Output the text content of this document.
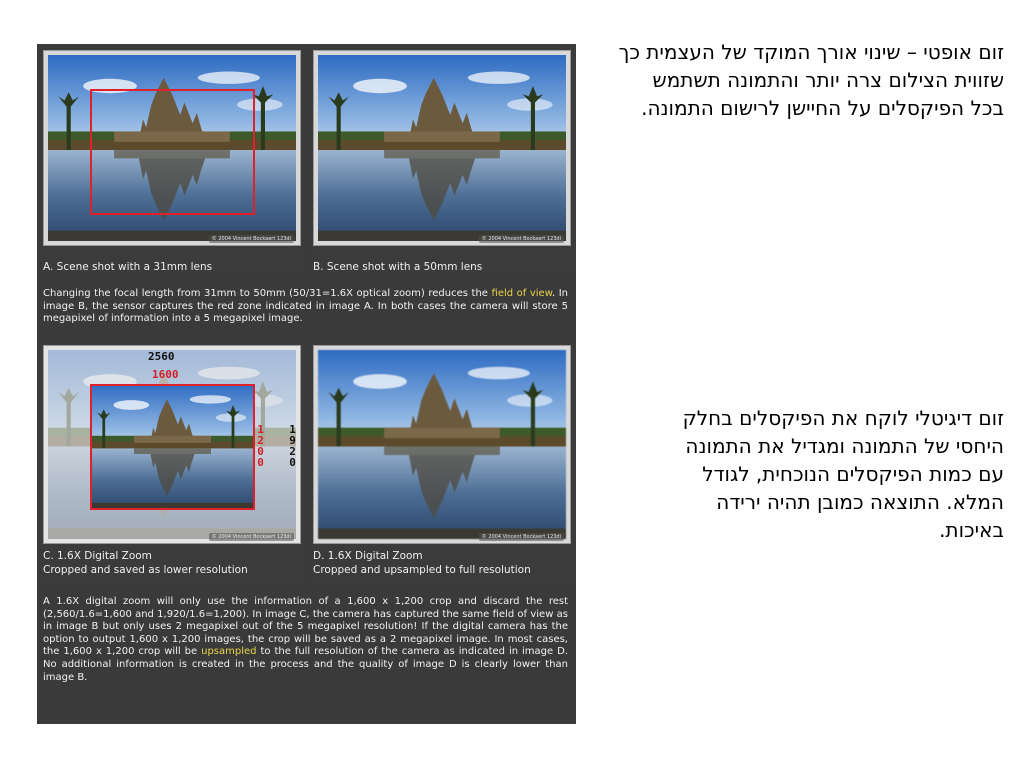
© 2004 Vincent Bockaert 123di
A. Scene shot with a 31mm lens
© 2004 Vincent Bockaert 123di
B. Scene shot with a 50mm lens
Changing the focal length from 31mm to 50mm (50/31=1.6X optical zoom) reduces the field of view. In image B, the sensor captures the red zone indicated in image A. In both cases the camera will store 5 megapixel of information into a 5 megapixel image.
2560
1600
1
2
0
0
1
9
2
0
© 2004 Vincent Bockaert 123di
C. 1.6X Digital Zoom
Cropped and saved as lower resolution
© 2004 Vincent Bockaert 123di
D. 1.6X Digital Zoom
Cropped and upsampled to full resolution
A 1.6X digital zoom will only use the information of a 1,600 x 1,200 crop and discard the rest (2,560/1.6=1,600 and 1,920/1.6=1,200). In image C, the camera has captured the same field of view as in image B but only uses 2 megapixel out of the 5 megapixel resolution! If the digital camera has the option to output 1,600 x 1,200 images, the crop will be saved as a 2 megapixel image. In most cases, the 1,600 x 1,200 crop will be upsampled to the full resolution of the camera as indicated in image D. No additional information is created in the process and the quality of image D is clearly lower than image B.
זום אופטי – שינוי אורך המוקד של העצמית כך שזווית הצילום צרה יותר והתמונה תשתמש בכל הפיקסלים על החיישן לרישום התמונה.
זום דיגיטלי לוקח את הפיקסלים בחלק היחסי של התמונה ומגדיל את התמונה עם כמות הפיקסלים הנוכחית, לגודל המלא. התוצאה כמובן תהיה ירידה באיכות.
